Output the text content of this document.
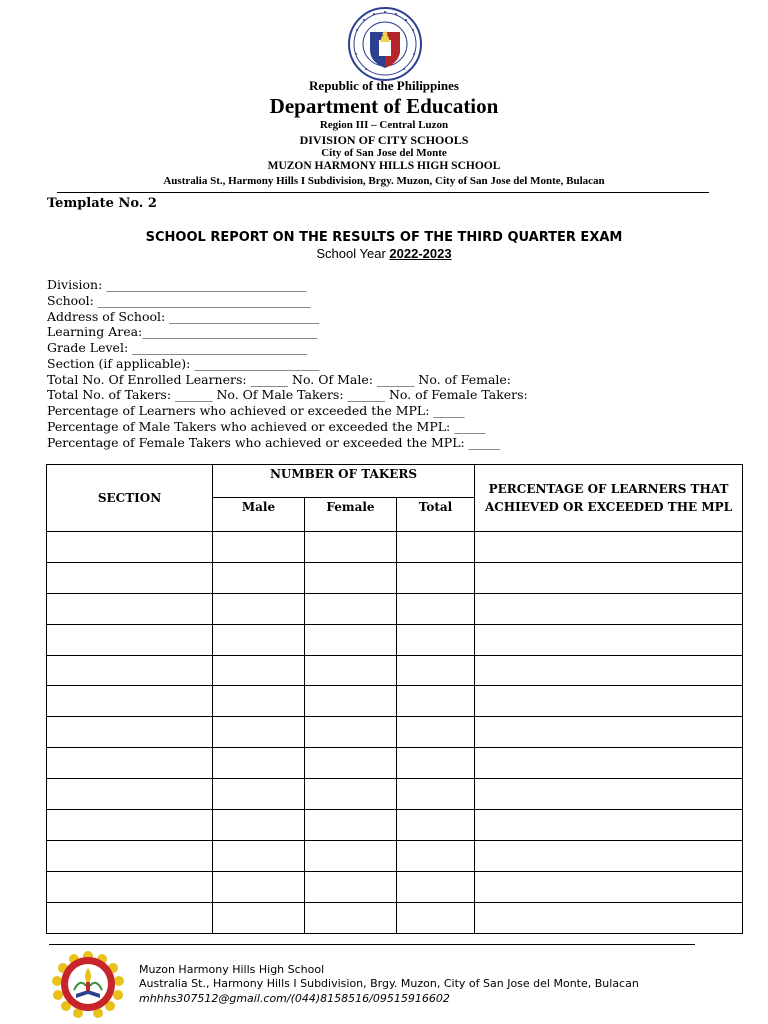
Republic of the Philippines
Department of Education
Region III – Central Luzon
DIVISION OF CITY SCHOOLS
City of San Jose del Monte
MUZON HARMONY HILLS HIGH SCHOOL
Australia St., Harmony Hills I Subdivision, Brgy. Muzon, City of San Jose del Monte, Bulacan
Template No. 2
SCHOOL REPORT ON THE RESULTS OF THE THIRD QUARTER EXAM
School Year 2022-2023
Division: ________________________________
School: __________________________________
Address of School: ________________________
Learning Area:____________________________
Grade Level: ____________________________
Section (if applicable): ____________________
Total No. Of Enrolled Learners: ______ No. Of Male: ______ No. of Female:
Total No. of Takers: ______ No. Of Male Takers: ______ No. of Female Takers:
Percentage of Learners who achieved or exceeded the MPL: _____
Percentage of Male Takers who achieved or exceeded the MPL: _____
Percentage of Female Takers who achieved or exceeded the MPL: _____
SECTION	NUMBER OF TAKERS			PERCENTAGE OF LEARNERS THAT ACHIEVED OR EXCEEDED THE MPL
	Male	Female	Total	

Muzon Harmony Hills High School
Australia St., Harmony Hills I Subdivision, Brgy. Muzon, City of San Jose del Monte, Bulacan
mhhhs307512@gmail.com/(044)8158516/09515916602
